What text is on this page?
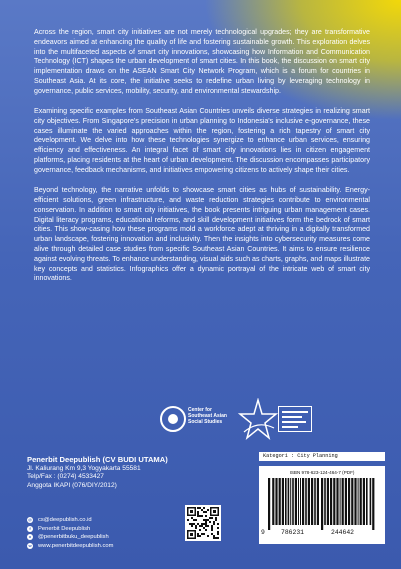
Across the region, smart city initiatives are not merely technological upgrades; they are transformative endeavors aimed at enhancing the quality of life and fostering sustainable growth. This exploration delves into the multifaceted aspects of smart city innovations, showcasing how Information and Communication Technology (ICT) shapes the urban development of smart cities. In this book, the discussion on smart city implementation draws on the ASEAN Smart City Network Program, which is a forum for countries in Southeast Asia. At its core, the initiative seeks to redefine urban living by leveraging technology in governance, public services, mobility, security, and environmental stewardship.

Examining specific examples from Southeast Asian Countries unveils diverse strategies in realizing smart city objectives. From Singapore's precision in urban planning to Indonesia's inclusive e-governance, these cases illuminate the varied approaches within the region, fostering a rich tapestry of smart city development. We delve into how these technologies synergize to enhance urban services, ensuring efficiency and effectiveness. An integral facet of smart city innovations lies in citizen engagement platforms, placing residents at the heart of urban development. The discussion encompasses participatory governance, feedback mechanisms, and initiatives empowering citizens to actively shape their cities.

Beyond technology, the narrative unfolds to showcase smart cities as hubs of sustainability. Energy-efficient solutions, green infrastructure, and waste reduction strategies contribute to environmental conservation. In addition to smart city initiatives, the book presents intriguing urban management cases. Digital literacy programs, educational reforms, and skill development initiatives form the bedrock of smart cities. This show-casing how these programs mold a workforce adept at thriving in a digitally transformed urban landscape, fostering innovation and inclusivity. Then the insights into cybersecurity measures come alive through detailed case studies from specific Southeast Asian Countries. It aims to ensure resilience against evolving threats. To enhance understanding, visual aids such as charts, graphs, and maps illustrate key concepts and statistics. Infographics offer a dynamic portrayal of the intricate web of smart city innovations.

Center for Southeast Asian Social Studies
Penerbit Deepublish (CV BUDI UTAMA)
Jl. Kaliurang Km 9,3 Yogyakarta 55581
Telp/Fax : (0274) 4533427
Anggota IKAPI (076/DIY/2012)
@ cs@deepublish.co.id
f	Penerbit Deepublish
o	@penerbitbuku_deepublish
w www.penerbitdeepublish.com
Kategori : City Planning
ISBN 978-623-124-464-7 (PDF)
9	786231	244642
